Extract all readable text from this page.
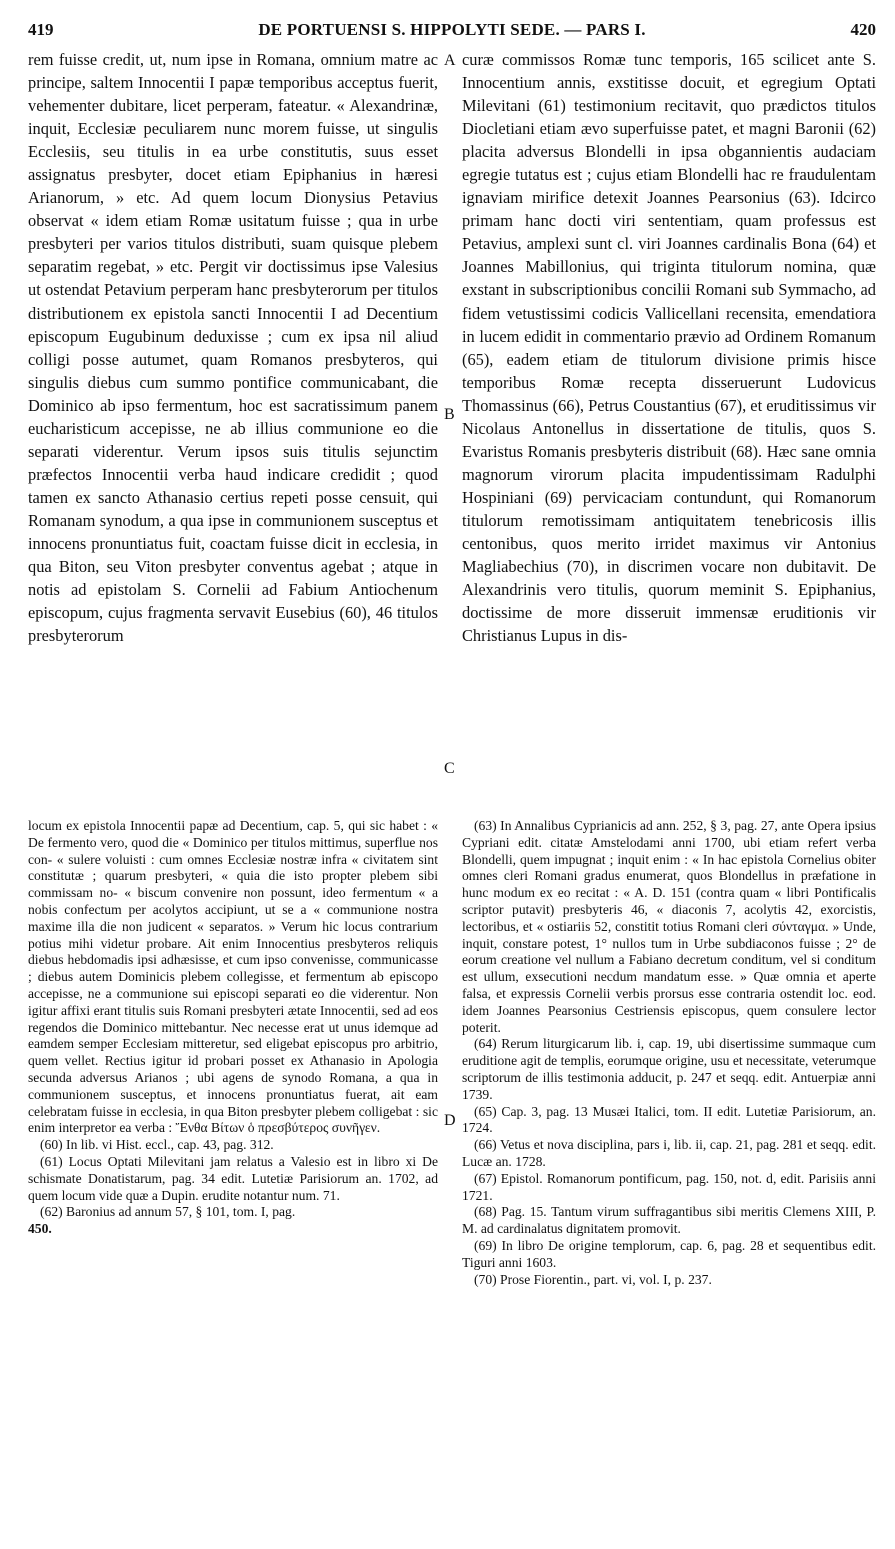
419	DE PORTUENSI S. HIPPOLYTI SEDE. — PARS I.	420

rem fuisse credit, ut, num ipse in Romana, omnium matre ac principe, saltem Innocentii I papæ temporibus acceptus fuerit, vehementer dubitare, licet perperam, fateatur. « Alexandrinæ, inquit, Ecclesiæ peculiarem nunc morem fuisse, ut singulis Ecclesiis, seu titulis in ea urbe constitutis, suus esset assignatus presbyter, docet etiam Epiphanius in hæresi Arianorum, » etc. Ad quem locum Dionysius Petavius observat « idem etiam Romæ usitatum fuisse ; qua in urbe presbyteri per varios titulos distributi, suam quisque plebem separatim regebat, » etc. Pergit vir doctissimus ipse Valesius ut ostendat Petavium perperam hanc presbyterorum per titulos distributionem ex epistola sancti Innocentii I ad Decentium episcopum Eugubinum deduxisse ; cum ex ipsa nil aliud colligi posse autumet, quam Romanos presbyteros, qui singulis diebus cum summo pontifice communicabant, die Dominico ab ipso fermentum, hoc est sacratissimum panem eucharisticum accepisse, ne ab illius communione eo die separati viderentur. Verum ipsos suis titulis sejunctim præfectos Innocentii verba haud indicare credidit ; quod tamen ex sancto Athanasio certius repeti posse censuit, qui Romanam synodum, a qua ipse in communionem susceptus et innocens pronuntiatus fuit, coactam fuisse dicit in ecclesia, in qua Biton, seu Viton presbyter conventus agebat ; atque in notis ad epistolam S. Cornelii ad Fabium Antiochenum episcopum, cujus fragmenta servavit Eusebius (60), 46 titulos presbyterorum

A
B
C
D

curæ commissos Romæ tunc temporis, 165 scilicet ante S. Innocentium annis, exstitisse docuit, et egregium Optati Milevitani (61) testimonium recitavit, quo prædictos titulos Diocletiani etiam ævo superfuisse patet, et magni Baronii (62) placita adversus Blondelli in ipsa obgannientis audaciam egregie tutatus est ; cujus etiam Blondelli hac re fraudulentam ignaviam mirifice detexit Joannes Pearsonius (63). Idcirco primam hanc docti viri sententiam, quam professus est Petavius, amplexi sunt cl. viri Joannes cardinalis Bona (64) et Joannes Mabillonius, qui triginta titulorum nomina, quæ exstant in subscriptionibus concilii Romani sub Symmacho, ad fidem vetustissimi codicis Vallicellani recensita, emendatiora in lucem edidit in commentario prævio ad Ordinem Romanum (65), eadem etiam de titulorum divisione primis hisce temporibus Romæ recepta disseruerunt Ludovicus Thomassinus (66), Petrus Coustantius (67), et eruditissimus vir Nicolaus Antonellus in dissertatione de titulis, quos S. Evaristus Romanis presbyteris distribuit (68). Hæc sane omnia magnorum virorum placita impudentissimam Radulphi Hospiniani (69) pervicaciam contundunt, qui Romanorum titulorum remotissimam antiquitatem tenebricosis illis centonibus, quos merito irridet maximus vir Antonius Magliabechius (70), in discrimen vocare non dubitavit. De Alexandrinis vero titulis, quorum meminit S. Epiphanius, doctissime de more disseruit immensæ eruditionis vir Christianus Lupus in dis-

locum ex epistola Innocentii papæ ad Decentium, cap. 5, qui sic habet : « De fermento vero, quod die « Dominico per titulos mittimus, superflue nos con- « sulere voluisti : cum omnes Ecclesiæ nostræ infra « civitatem sint constitutæ ; quarum presbyteri, « quia die isto propter plebem sibi commissam no- « biscum convenire non possunt, ideo fermentum « a nobis confectum per acolytos accipiunt, ut se a « communione nostra maxime illa die non judicent « separatos. » Verum hic locus contrarium potius mihi videtur probare. Ait enim Innocentius presbyteros reliquis diebus hebdomadis ipsi adhæsisse, et cum ipso convenisse, communicasse ; diebus autem Dominicis plebem collegisse, et fermentum ab episcopo accepisse, ne a communione sui episcopi separati eo die viderentur. Non igitur affixi erant titulis suis Romani presbyteri ætate Innocentii, sed ad eos regendos die Dominico mittebantur. Nec necesse erat ut unus idemque ad eamdem semper Ecclesiam mitteretur, sed eligebat episcopus pro arbitrio, quem vellet. Rectius igitur id probari posset ex Athanasio in Apologia secunda adversus Arianos ; ubi agens de synodo Romana, a qua in communionem susceptus, et innocens pronuntiatus fuerat, ait eam celebratam fuisse in ecclesia, in qua Biton presbyter plebem colligebat : sic enim interpretor ea verba : Ἔνθα Βίτων ὁ πρεσβύτερος συνῆγεν.

(60) In lib. vi Hist. eccl., cap. 43, pag. 312.

(61) Locus Optati Milevitani jam relatus a Valesio est in libro xi De schismate Donatistarum, pag. 34 edit. Lutetiæ Parisiorum an. 1702, ad quem locum vide quæ a Dupin. erudite notantur num. 71.

(62) Baronius ad annum 57, § 101, tom. I, pag.

450.

(63) In Annalibus Cyprianicis ad ann. 252, § 3, pag. 27, ante Opera ipsius Cypriani edit. citatæ Amstelodami anni 1700, ubi etiam refert verba Blondelli, quem impugnat ; inquit enim : « In hac epistola Cornelius obiter omnes cleri Romani gradus enumerat, quos Blondellus in præfatione in hunc modum ex eo recitat : « A. D. 151 (contra quam « libri Pontificalis scriptor putavit) presbyteris 46, « diaconis 7, acolytis 42, exorcistis, lectoribus, et « ostiariis 52, constitit totius Romani cleri σύνταγμα. » Unde, inquit, constare potest, 1° nullos tum in Urbe subdiaconos fuisse ; 2° de eorum creatione vel nullum a Fabiano decretum conditum, vel si conditum est ullum, exsecutioni necdum mandatum esse. » Quæ omnia et aperte falsa, et expressis Cornelii verbis prorsus esse contraria ostendit loc. eod. idem Joannes Pearsonius Cestriensis episcopus, quem consulere lector poterit.

(64) Rerum liturgicarum lib. i, cap. 19, ubi disertissime summaque cum eruditione agit de templis, eorumque origine, usu et necessitate, veterumque scriptorum de illis testimonia adducit, p. 247 et seqq. edit. Antuerpiæ anni 1739.

(65) Cap. 3, pag. 13 Musæi Italici, tom. II edit. Lutetiæ Parisiorum, an. 1724.

(66) Vetus et nova disciplina, pars i, lib. ii, cap. 21, pag. 281 et seqq. edit. Lucæ an. 1728.

(67) Epistol. Romanorum pontificum, pag. 150, not. d, edit. Parisiis anni 1721.

(68) Pag. 15. Tantum virum suffragantibus sibi meritis Clemens XIII, P. M. ad cardinalatus dignitatem promovit.

(69) In libro De origine templorum, cap. 6, pag. 28 et sequentibus edit. Tiguri anni 1603.

(70) Prose Fiorentin., part. vi, vol. I, p. 237.
